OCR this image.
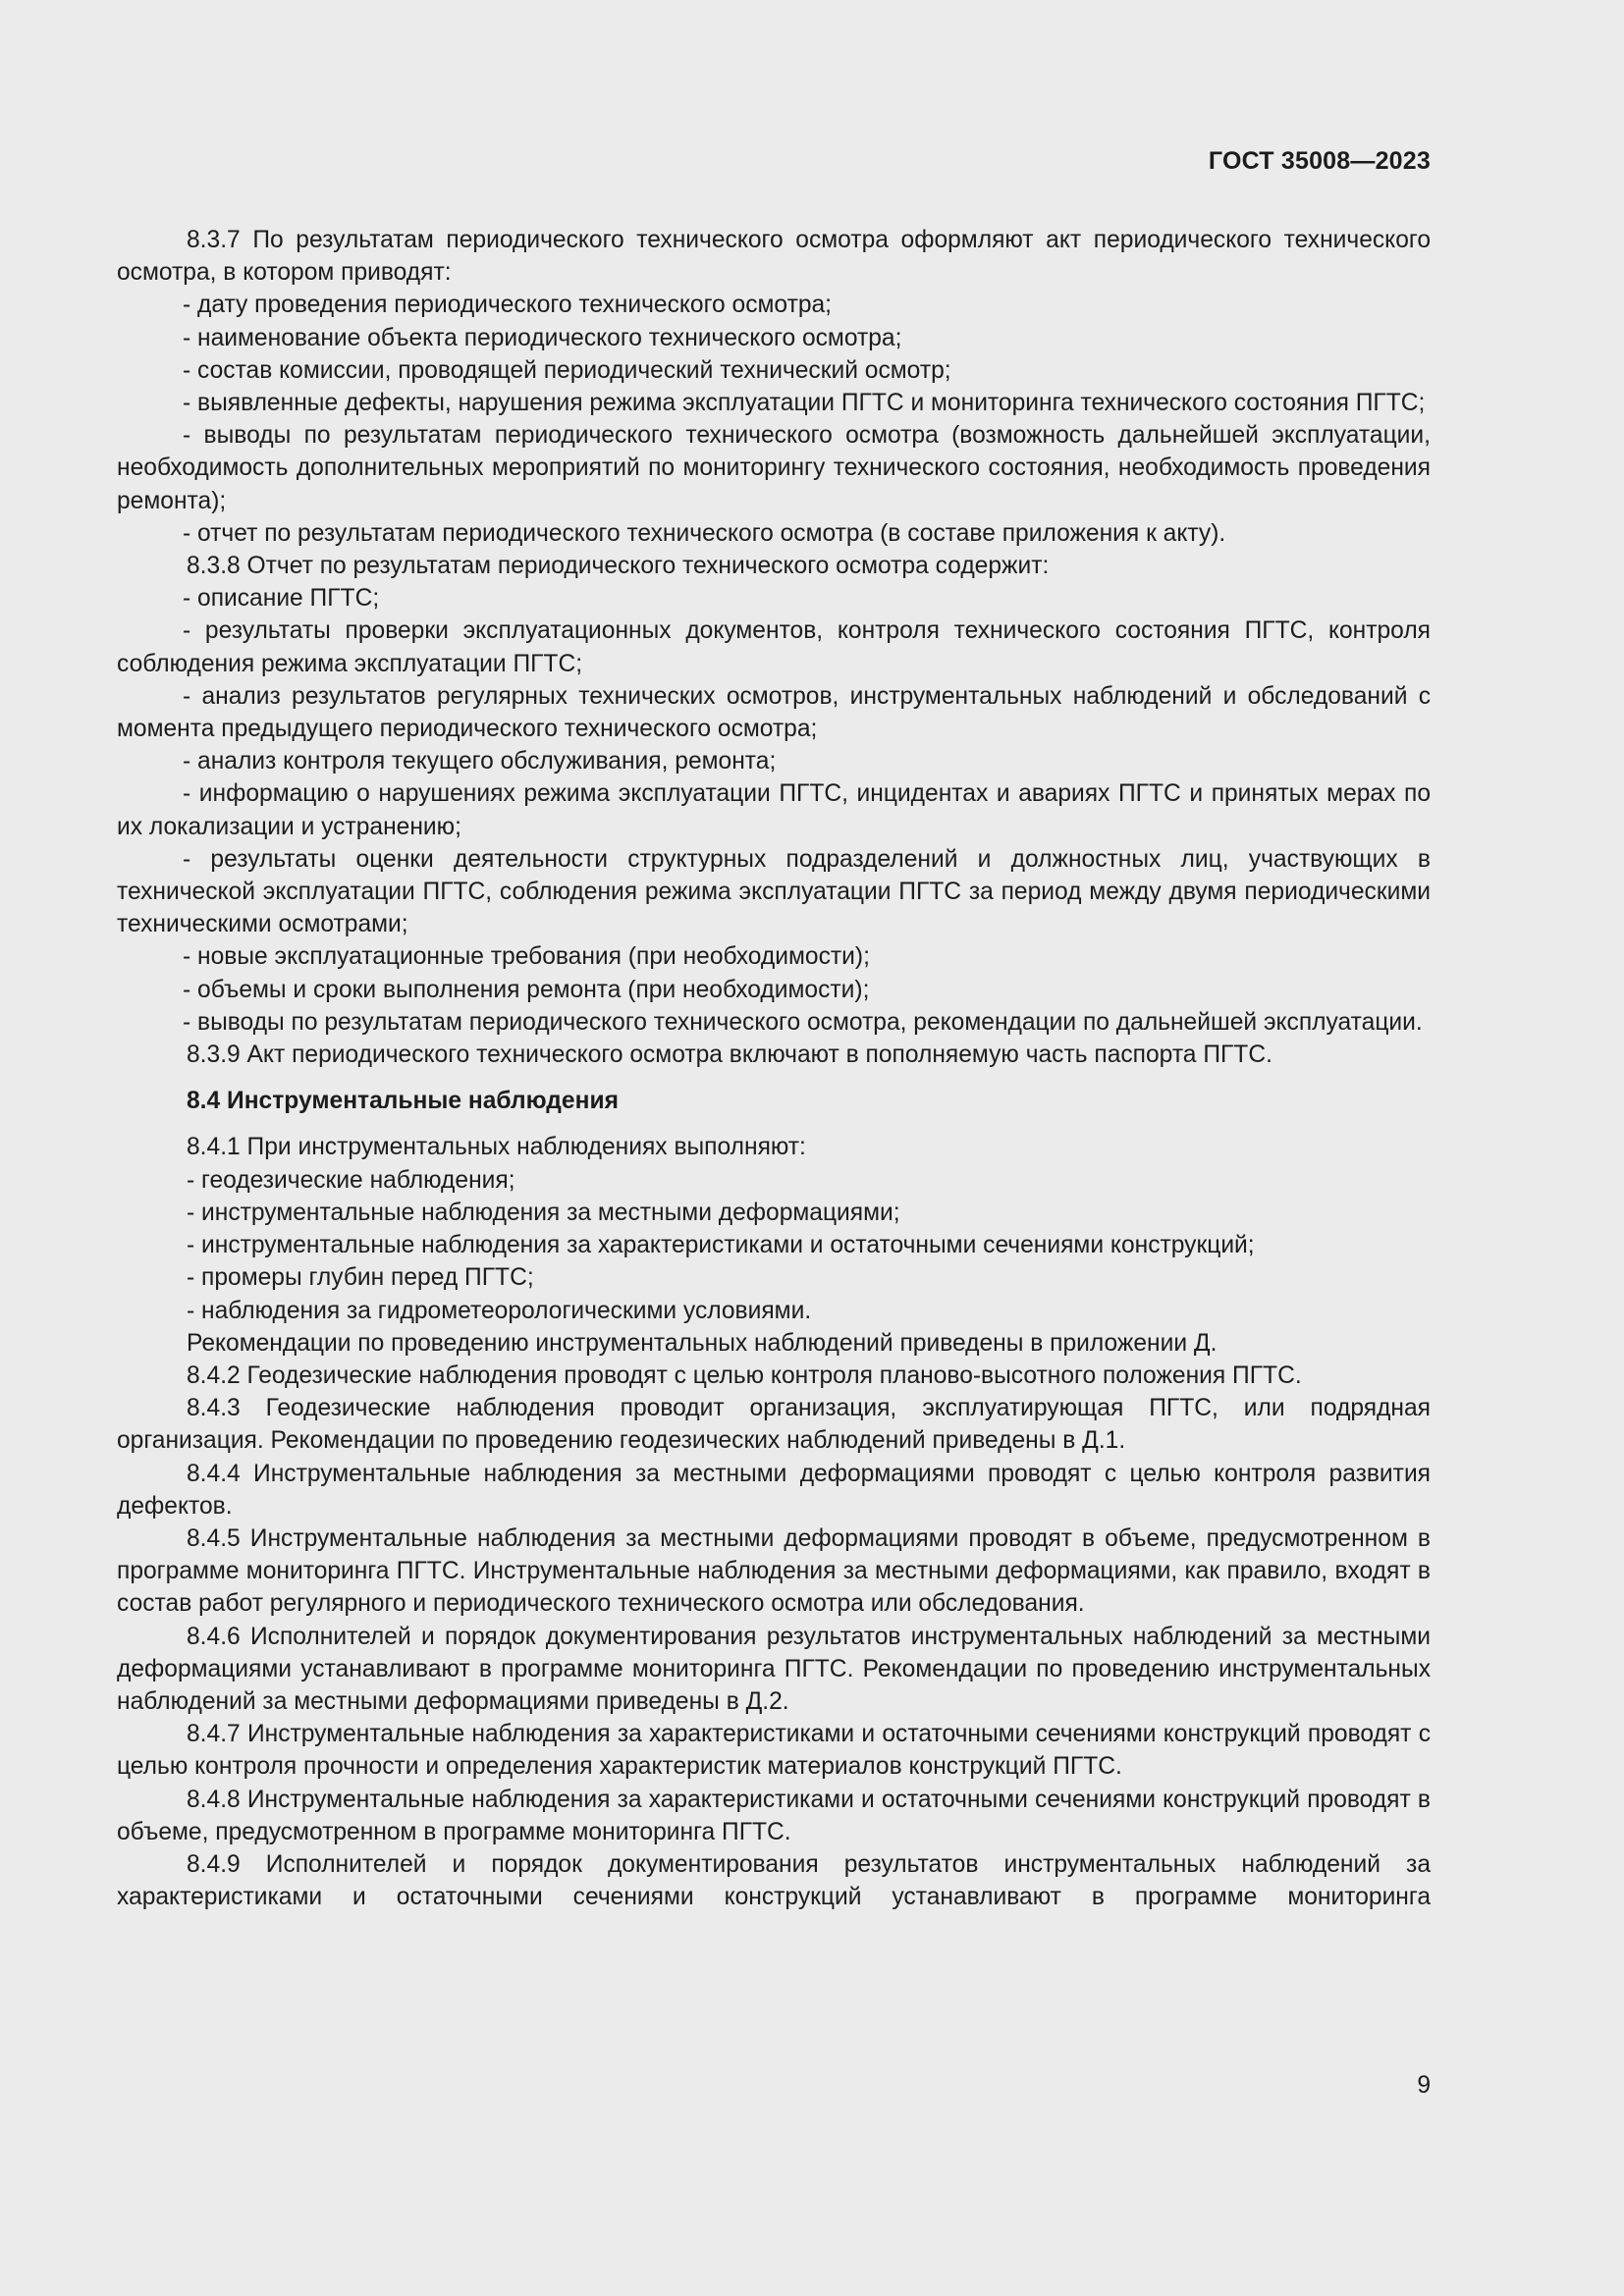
ГОСТ 35008—2023

8.3.7 По результатам периодического технического осмотра оформляют акт периодического технического осмотра, в котором приводят:

- дату проведения периодического технического осмотра;

- наименование объекта периодического технического осмотра;

- состав комиссии, проводящей периодический технический осмотр;

- выявленные дефекты, нарушения режима эксплуатации ПГТС и мониторинга технического состояния ПГТС;

- выводы по результатам периодического технического осмотра (возможность дальнейшей эксплуатации, необходимость дополнительных мероприятий по мониторингу технического состояния, необходимость проведения ремонта);

- отчет по результатам периодического технического осмотра (в составе приложения к акту).

8.3.8 Отчет по результатам периодического технического осмотра содержит:

- описание ПГТС;

- результаты проверки эксплуатационных документов, контроля технического состояния ПГТС, контроля соблюдения режима эксплуатации ПГТС;

- анализ результатов регулярных технических осмотров, инструментальных наблюдений и обследований с момента предыдущего периодического технического осмотра;

- анализ контроля текущего обслуживания, ремонта;

- информацию о нарушениях режима эксплуатации ПГТС, инцидентах и авариях ПГТС и принятых мерах по их локализации и устранению;

- результаты оценки деятельности структурных подразделений и должностных лиц, участвующих в технической эксплуатации ПГТС, соблюдения режима эксплуатации ПГТС за период между двумя периодическими техническими осмотрами;

- новые эксплуатационные требования (при необходимости);

- объемы и сроки выполнения ремонта (при необходимости);

- выводы по результатам периодического технического осмотра, рекомендации по дальнейшей эксплуатации.

8.3.9 Акт периодического технического осмотра включают в пополняемую часть паспорта ПГТС.

8.4 Инструментальные наблюдения

8.4.1 При инструментальных наблюдениях выполняют:

- геодезические наблюдения;

- инструментальные наблюдения за местными деформациями;

- инструментальные наблюдения за характеристиками и остаточными сечениями конструкций;

- промеры глубин перед ПГТС;

- наблюдения за гидрометеорологическими условиями.

Рекомендации по проведению инструментальных наблюдений приведены в приложении Д.

8.4.2 Геодезические наблюдения проводят с целью контроля планово-высотного положения ПГТС.

8.4.3 Геодезические наблюдения проводит организация, эксплуатирующая ПГТС, или подрядная организация. Рекомендации по проведению геодезических наблюдений приведены в Д.1.

8.4.4 Инструментальные наблюдения за местными деформациями проводят с целью контроля развития дефектов.

8.4.5 Инструментальные наблюдения за местными деформациями проводят в объеме, предусмотренном в программе мониторинга ПГТС. Инструментальные наблюдения за местными деформациями, как правило, входят в состав работ регулярного и периодического технического осмотра или обследования.

8.4.6 Исполнителей и порядок документирования результатов инструментальных наблюдений за местными деформациями устанавливают в программе мониторинга ПГТС. Рекомендации по проведению инструментальных наблюдений за местными деформациями приведены в Д.2.

8.4.7 Инструментальные наблюдения за характеристиками и остаточными сечениями конструкций проводят с целью контроля прочности и определения характеристик материалов конструкций ПГТС.

8.4.8 Инструментальные наблюдения за характеристиками и остаточными сечениями конструкций проводят в объеме, предусмотренном в программе мониторинга ПГТС.

8.4.9 Исполнителей и порядок документирования результатов инструментальных наблюдений за характеристиками и остаточными сечениями конструкций устанавливают в программе мониторинга

9
